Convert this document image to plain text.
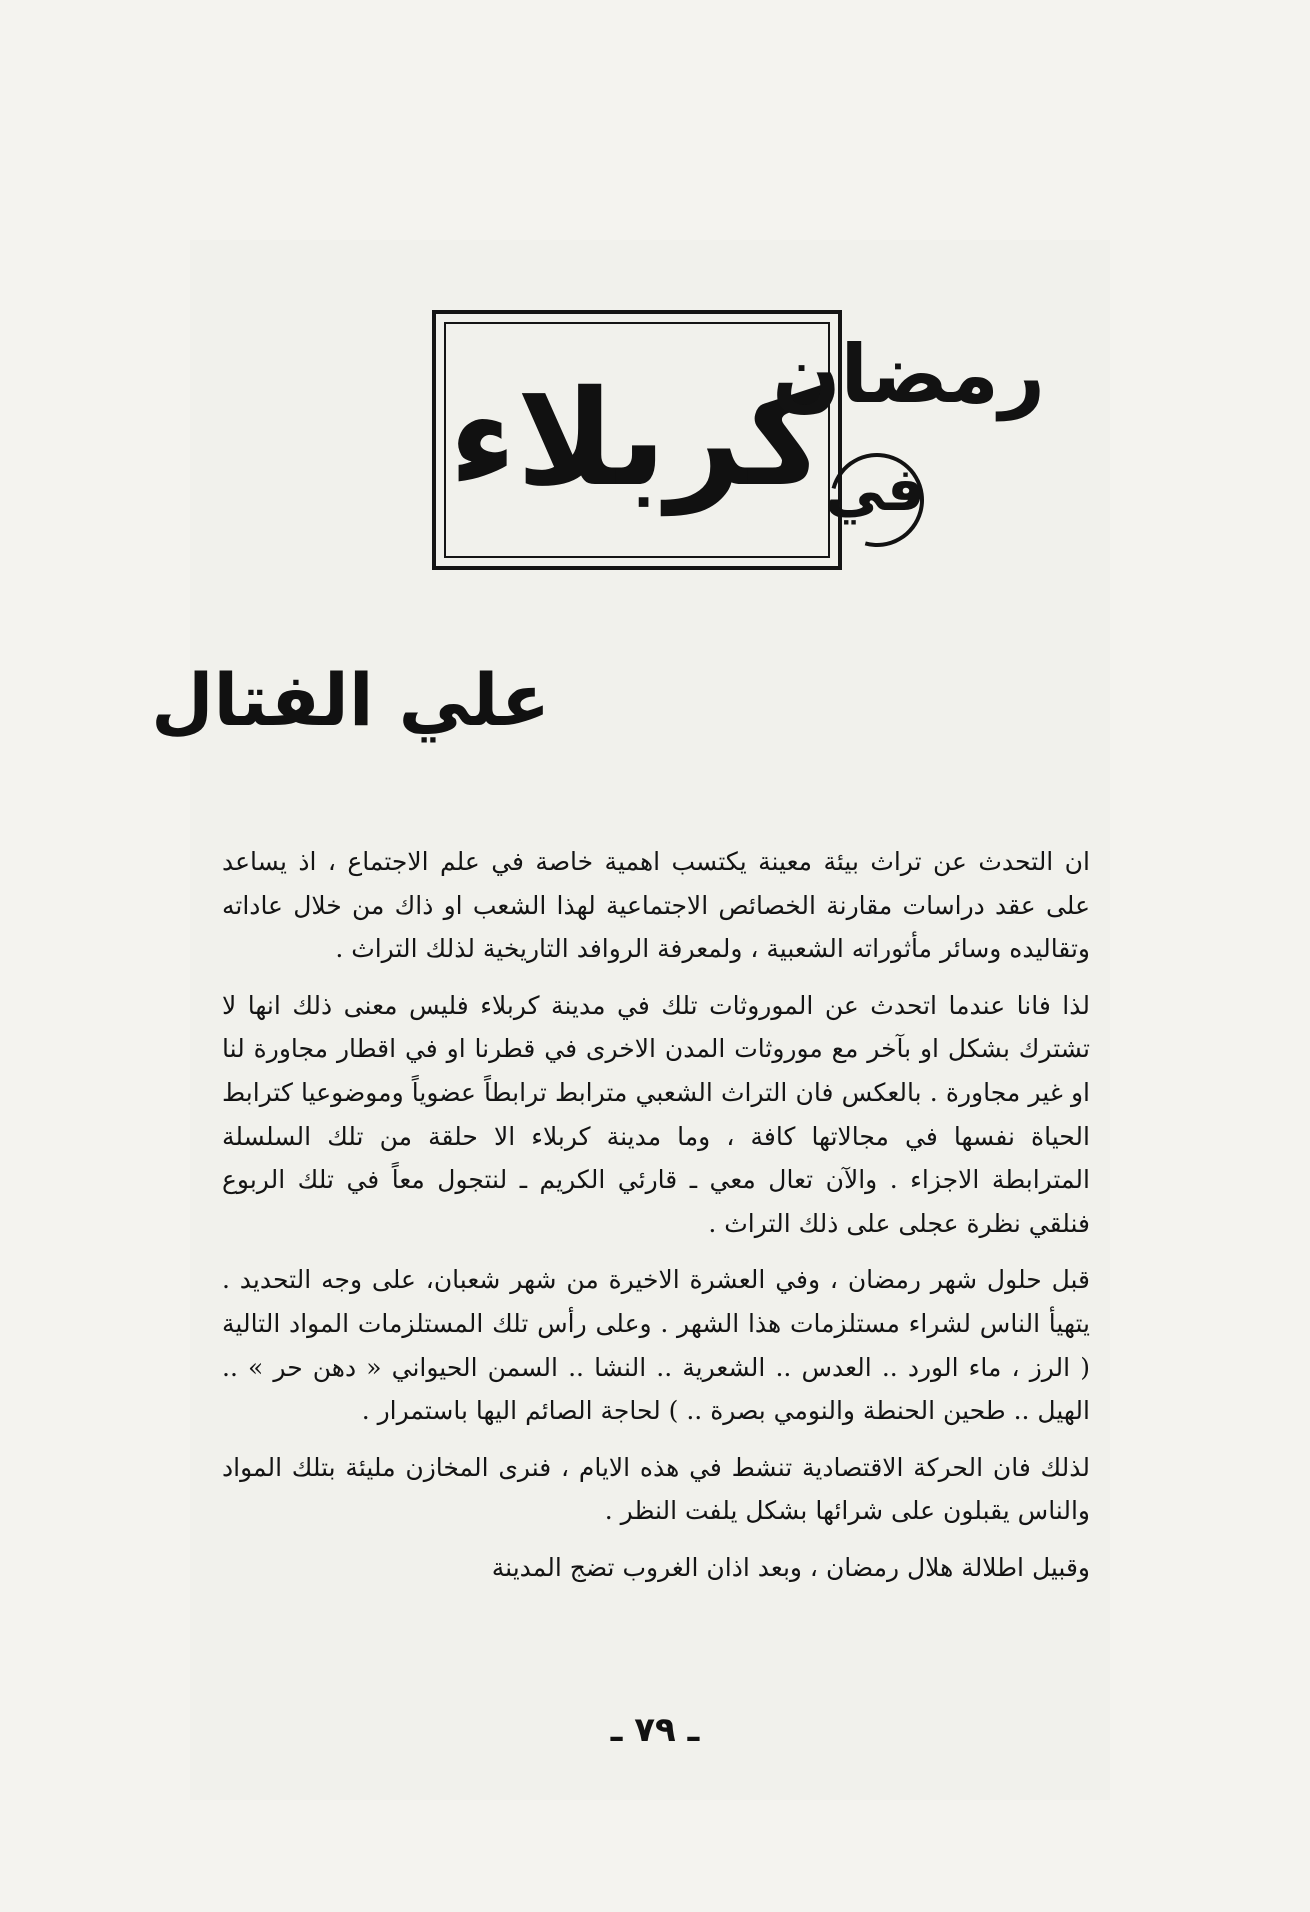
كربلاء
رمضان
في
علي الفتال

ان التحدث عن تراث بيئة معينة يكتسب اهمية خاصة في علم الاجتماع ، اذ يساعد على عقد دراسات مقارنة الخصائص الاجتماعية لهذا الشعب او ذاك من خلال عاداته وتقاليده وسائر مأثوراته الشعبية ، ولمعرفة الروافد التاريخية لذلك التراث .

لذا فانا عندما اتحدث عن الموروثات تلك في مدينة كربلاء فليس معنى ذلك انها لا تشترك بشكل او بآخر مع موروثات المدن الاخرى في قطرنا او في اقطار مجاورة لنا او غير مجاورة . بالعكس فان التراث الشعبي مترابط ترابطاً عضوياً وموضوعيا كترابط الحياة نفسها في مجالاتها كافة ، وما مدينة كربلاء الا حلقة من تلك السلسلة المترابطة الاجزاء . والآن تعال معي ـ قارئي الكريم ـ لنتجول معاً في تلك الربوع فنلقي نظرة عجلى على ذلك التراث .

قبل حلول شهر رمضان ، وفي العشرة الاخيرة من شهر شعبان، على وجه التحديد . يتهيأ الناس لشراء مستلزمات هذا الشهر . وعلى رأس تلك المستلزمات المواد التالية ( الرز ، ماء الورد .. العدس .. الشعرية .. النشا .. السمن الحيواني « دهن حر » .. الهيل .. طحين الحنطة والنومي بصرة .. ) لحاجة الصائم اليها باستمرار .

لذلك فان الحركة الاقتصادية تنشط في هذه الايام ، فنرى المخازن مليئة بتلك المواد والناس يقبلون على شرائها بشكل يلفت النظر .

وقبيل اطلالة هلال رمضان ، وبعد اذان الغروب تضج المدينة

ـ ٧٩ ـ
